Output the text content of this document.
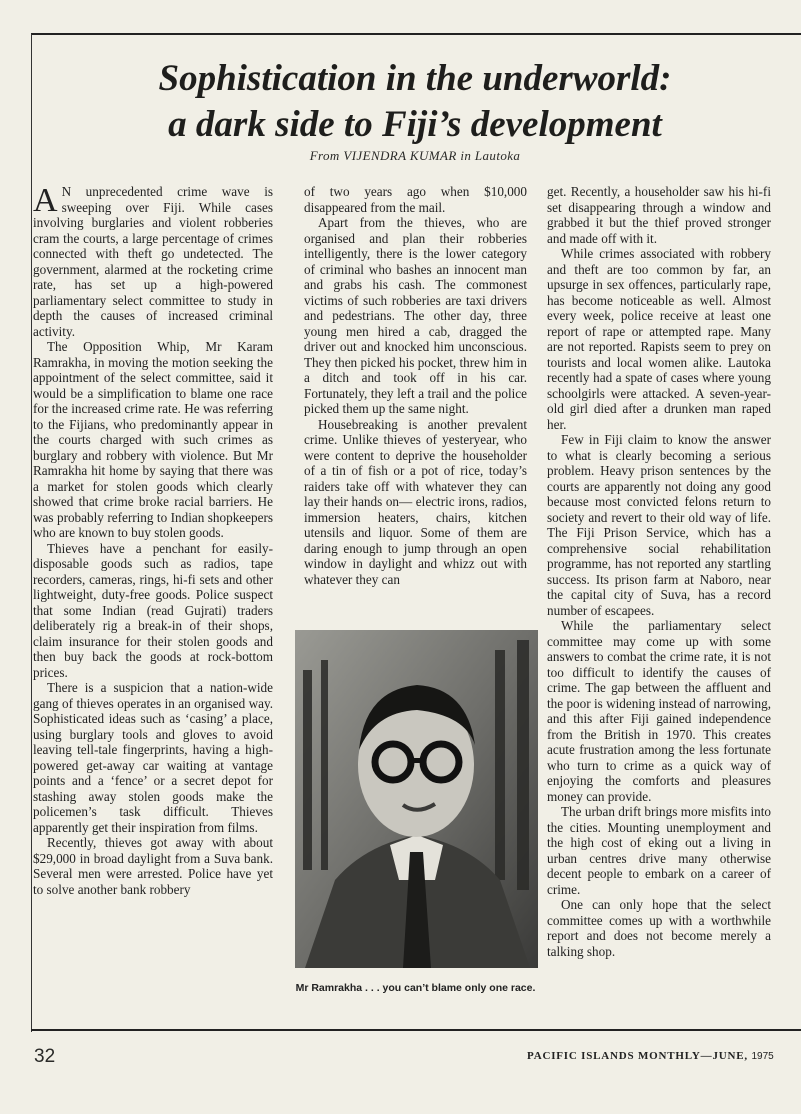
Sophistication in the underworld:
a dark side to Fiji’s development
From VIJENDRA KUMAR in Lautoka

A N unprecedented crime wave is sweeping over Fiji. While cases involving burglaries and violent robberies cram the courts, a large percentage of crimes connected with theft go undetected. The government, alarmed at the rocketing crime rate, has set up a high-powered parliamentary select committee to study in depth the causes of increased criminal activity.

The Opposition Whip, Mr Karam Ramrakha, in moving the motion seeking the appointment of the select committee, said it would be a simplification to blame one race for the increased crime rate. He was referring to the Fijians, who predominantly appear in the courts charged with such crimes as burglary and robbery with violence. But Mr Ramrakha hit home by saying that there was a market for stolen goods which clearly showed that crime broke racial barriers. He was probably referring to Indian shopkeepers who are known to buy stolen goods.

Thieves have a penchant for easily-disposable goods such as radios, tape recorders, cameras, rings, hi-fi sets and other lightweight, duty-free goods. Police suspect that some Indian (read Gujrati) traders deliberately rig a break-in of their shops, claim insurance for their stolen goods and then buy back the goods at rock-bottom prices.

There is a suspicion that a nation-wide gang of thieves operates in an organised way. Sophisticated ideas such as ‘casing’ a place, using burglary tools and gloves to avoid leaving tell-tale fingerprints, having a high-powered get-away car waiting at vantage points and a ‘fence’ or a secret depot for stashing away stolen goods make the policemen’s task difficult. Thieves apparently get their inspiration from films.

Recently, thieves got away with about $29,000 in broad daylight from a Suva bank. Several men were arrested. Police have yet to solve another bank robbery

of two years ago when $10,000 disappeared from the mail.

Apart from the thieves, who are organised and plan their robberies intelligently, there is the lower category of criminal who bashes an innocent man and grabs his cash. The commonest victims of such robberies are taxi drivers and pedestrians. The other day, three young men hired a cab, dragged the driver out and knocked him unconscious. They then picked his pocket, threw him in a ditch and took off in his car. Fortunately, they left a trail and the police picked them up the same night.

Housebreaking is another prevalent crime. Unlike thieves of yesteryear, who were content to deprive the householder of a tin of fish or a pot of rice, today’s raiders take off with whatever they can lay their hands on— electric irons, radios, immersion heaters, chairs, kitchen utensils and liquor. Some of them are daring enough to jump through an open window in daylight and whizz out with whatever they can

Mr Ramrakha . . . you can’t blame only one race.

get. Recently, a householder saw his hi-fi set disappearing through a window and grabbed it but the thief proved stronger and made off with it.

While crimes associated with robbery and theft are too common by far, an upsurge in sex offences, particularly rape, has become noticeable as well. Almost every week, police receive at least one report of rape or attempted rape. Many are not reported. Rapists seem to prey on tourists and local women alike. Lautoka recently had a spate of cases where young schoolgirls were attacked. A seven-year-old girl died after a drunken man raped her.

Few in Fiji claim to know the answer to what is clearly becoming a serious problem. Heavy prison sentences by the courts are apparently not doing any good because most convicted felons return to society and revert to their old way of life. The Fiji Prison Service, which has a comprehensive social rehabilitation programme, has not reported any startling success. Its prison farm at Naboro, near the capital city of Suva, has a record number of escapees.

While the parliamentary select committee may come up with some answers to combat the crime rate, it is not too difficult to identify the causes of crime. The gap between the affluent and the poor is widening instead of narrowing, and this after Fiji gained independence from the British in 1970. This creates acute frustration among the less fortunate who turn to crime as a quick way of enjoying the comforts and pleasures money can provide.

The urban drift brings more misfits into the cities. Mounting unemployment and the high cost of eking out a living in urban centres drive many otherwise decent people to embark on a career of crime.

One can only hope that the select committee comes up with a worthwhile report and does not become merely a talking shop.

32	PACIFIC ISLANDS MONTHLY—JUNE, 1975
